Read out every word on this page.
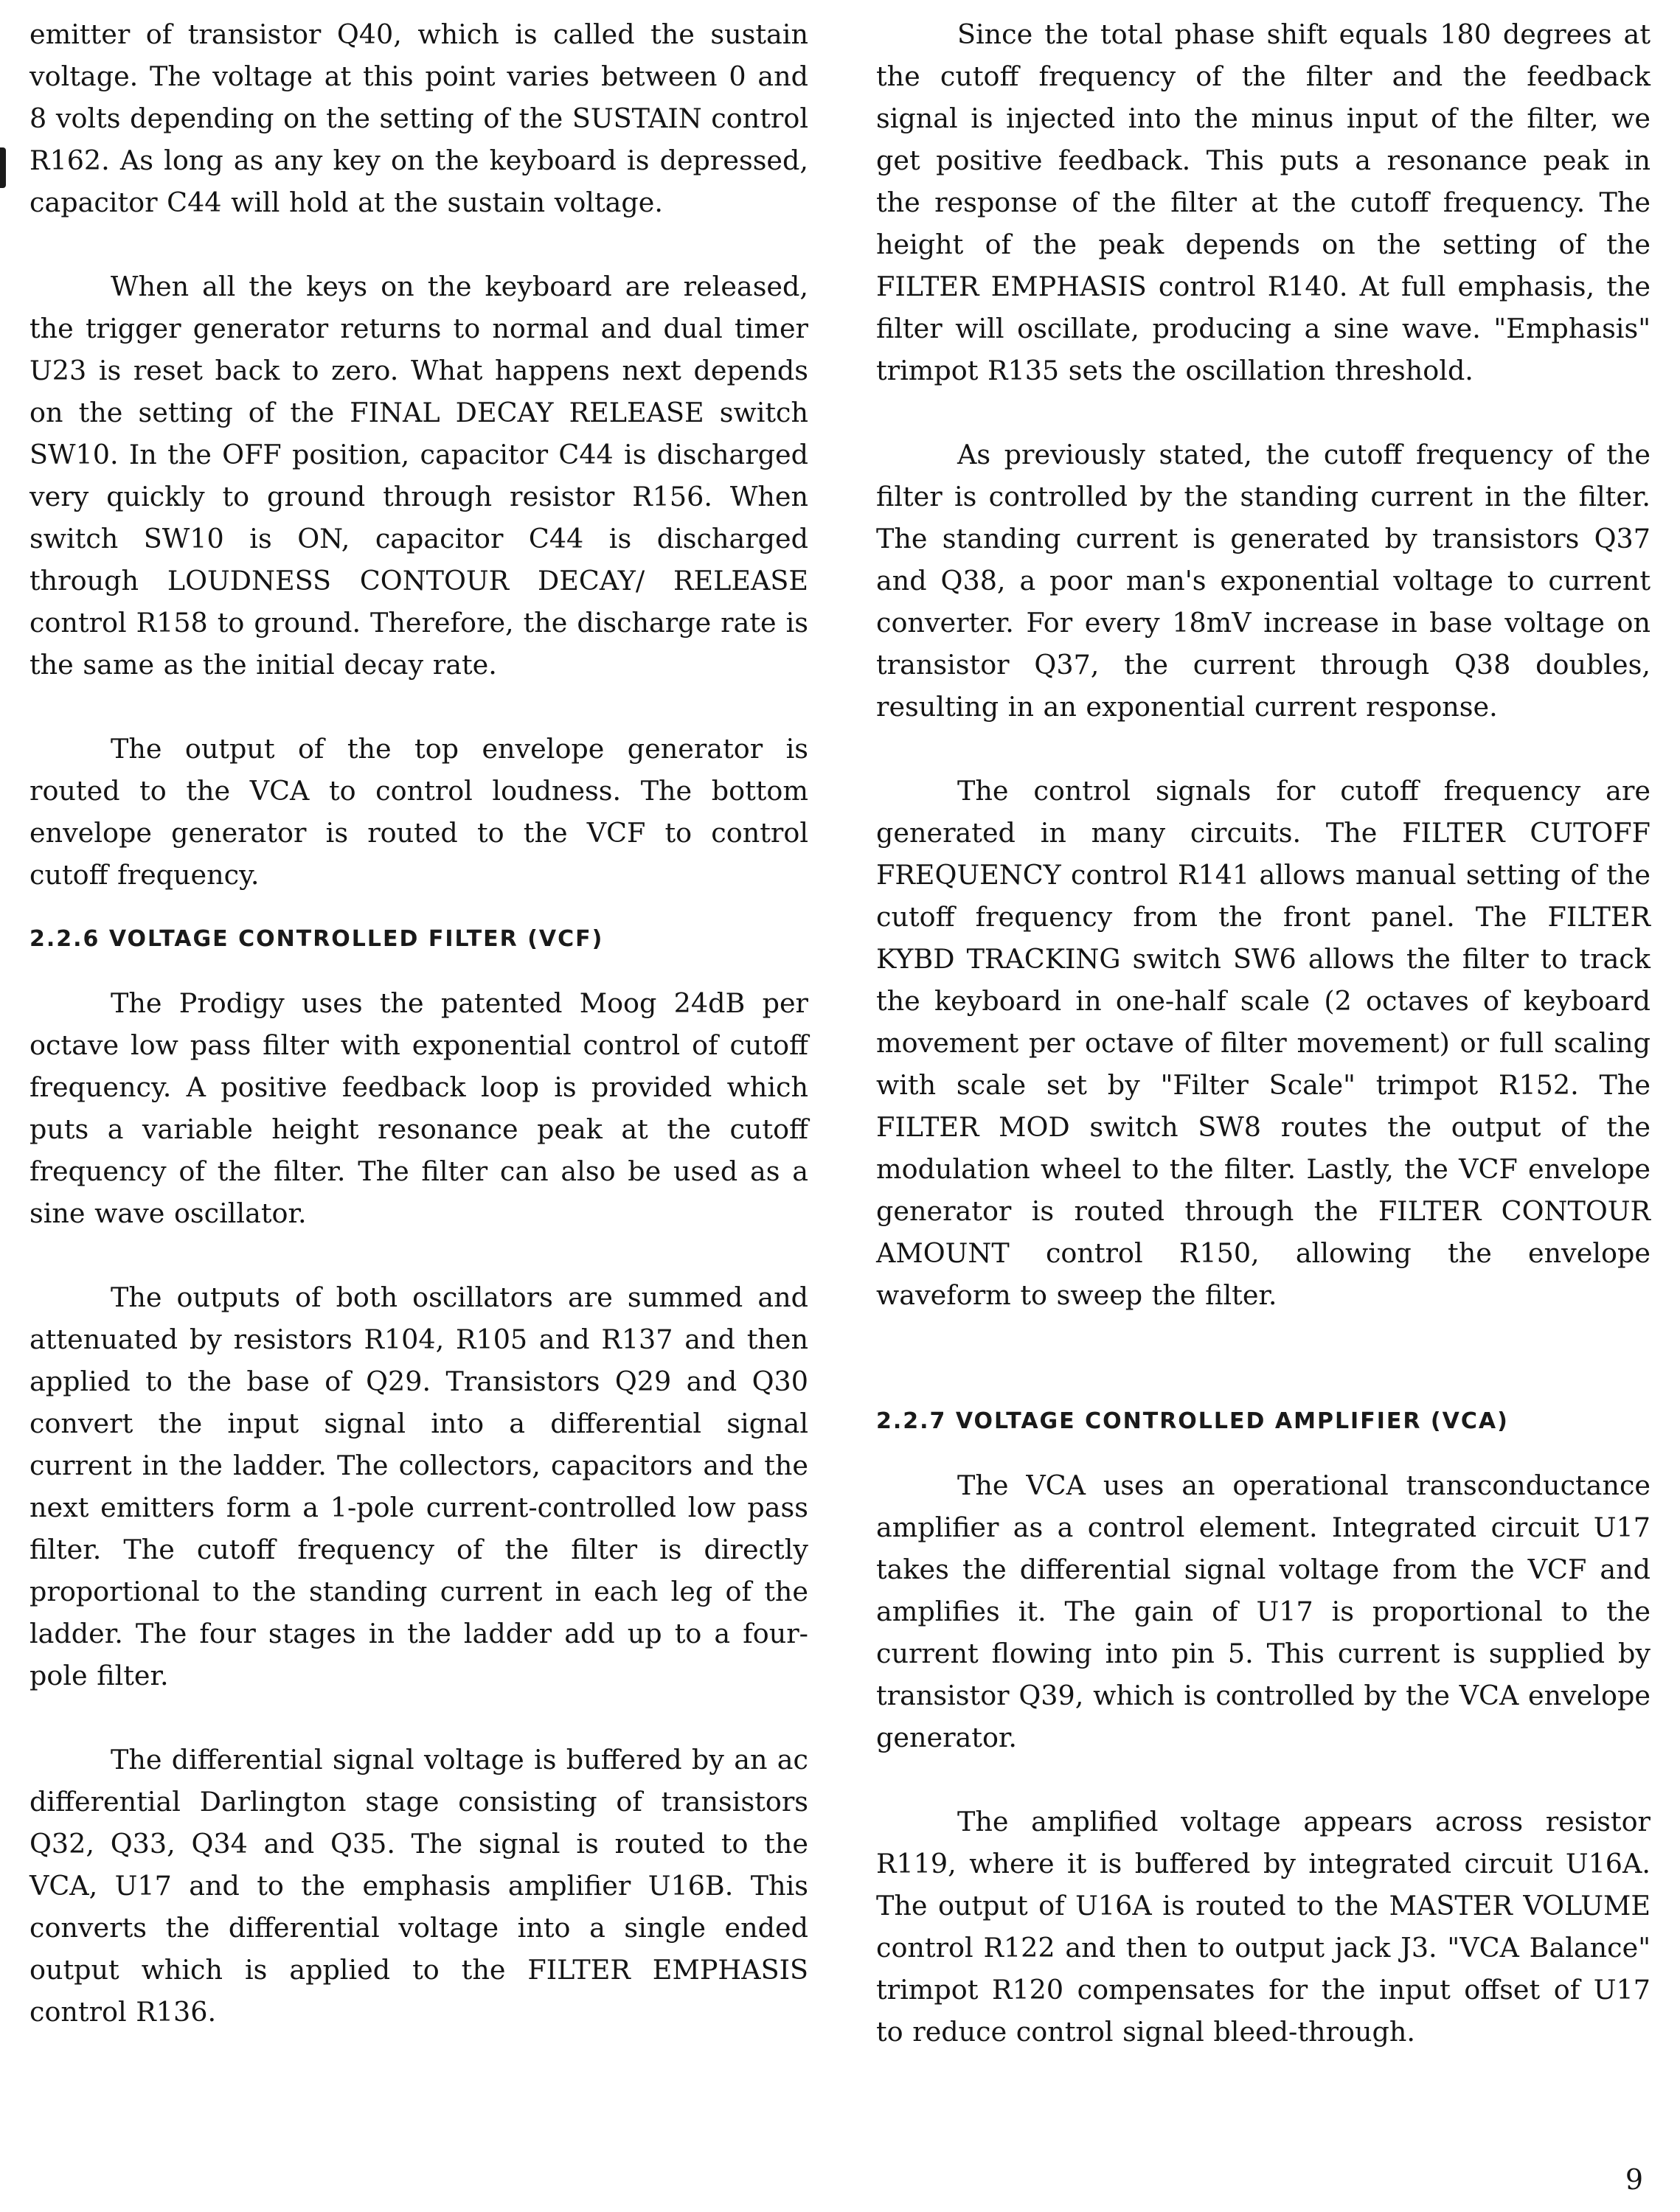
emitter of transistor Q40, which is called the sustain voltage. The voltage at this point varies between 0 and 8 volts depending on the setting of the SUSTAIN control R162. As long as any key on the keyboard is depressed, capacitor C44 will hold at the sustain voltage.

When all the keys on the keyboard are released, the trigger generator returns to normal and dual timer U23 is reset back to zero. What happens next depends on the setting of the FINAL DECAY RELEASE switch SW10. In the OFF position, capacitor C44 is discharged very quickly to ground through resistor R156. When switch SW10 is ON, capacitor C44 is discharged through LOUDNESS CONTOUR DECAY/ RELEASE control R158 to ground. Therefore, the discharge rate is the same as the initial decay rate.

The output of the top envelope generator is routed to the VCA to control loudness. The bottom envelope generator is routed to the VCF to control cutoff frequency.

2.2.6 VOLTAGE CONTROLLED FILTER (VCF)

The Prodigy uses the patented Moog 24dB per octave low pass filter with exponential control of cutoff frequency. A positive feedback loop is provided which puts a variable height resonance peak at the cutoff frequency of the filter. The filter can also be used as a sine wave oscillator.

The outputs of both oscillators are summed and attenuated by resistors R104, R105 and R137 and then applied to the base of Q29. Transistors Q29 and Q30 convert the input signal into a differential signal current in the ladder. The collectors, capacitors and the next emitters form a 1-pole current-controlled low pass filter. The cutoff frequency of the filter is directly proportional to the standing current in each leg of the ladder. The four stages in the ladder add up to a four-pole filter.

The differential signal voltage is buffered by an ac differential Darlington stage consisting of transistors Q32, Q33, Q34 and Q35. The signal is routed to the VCA, U17 and to the emphasis amplifier U16B. This converts the differential voltage into a single ended output which is applied to the FILTER EMPHASIS control R136.

Since the total phase shift equals 180 degrees at the cutoff frequency of the filter and the feedback signal is injected into the minus input of the filter, we get positive feedback. This puts a resonance peak in the response of the filter at the cutoff frequency. The height of the peak depends on the setting of the FILTER EMPHASIS control R140. At full emphasis, the filter will oscillate, producing a sine wave. "Emphasis" trimpot R135 sets the oscillation threshold.

As previously stated, the cutoff frequency of the filter is controlled by the standing current in the filter. The standing current is generated by transistors Q37 and Q38, a poor man's exponential voltage to current converter. For every 18mV increase in base voltage on transistor Q37, the current through Q38 doubles, resulting in an exponential current response.

The control signals for cutoff frequency are generated in many circuits. The FILTER CUTOFF FREQUENCY control R141 allows manual setting of the cutoff frequency from the front panel. The FILTER KYBD TRACKING switch SW6 allows the filter to track the keyboard in one-half scale (2 octaves of keyboard movement per octave of filter movement) or full scaling with scale set by "Filter Scale" trimpot R152. The FILTER MOD switch SW8 routes the output of the modulation wheel to the filter. Lastly, the VCF envelope generator is routed through the FILTER CONTOUR AMOUNT control R150, allowing the envelope waveform to sweep the filter.

2.2.7 VOLTAGE CONTROLLED AMPLIFIER (VCA)

The VCA uses an operational transconductance amplifier as a control element. Integrated circuit U17 takes the differential signal voltage from the VCF and amplifies it. The gain of U17 is proportional to the current flowing into pin 5. This current is supplied by transistor Q39, which is controlled by the VCA envelope generator.

The amplified voltage appears across resistor R119, where it is buffered by integrated circuit U16A. The output of U16A is routed to the MASTER VOLUME control R122 and then to output jack J3. "VCA Balance" trimpot R120 compensates for the input offset of U17 to reduce control signal bleed-through.

9
